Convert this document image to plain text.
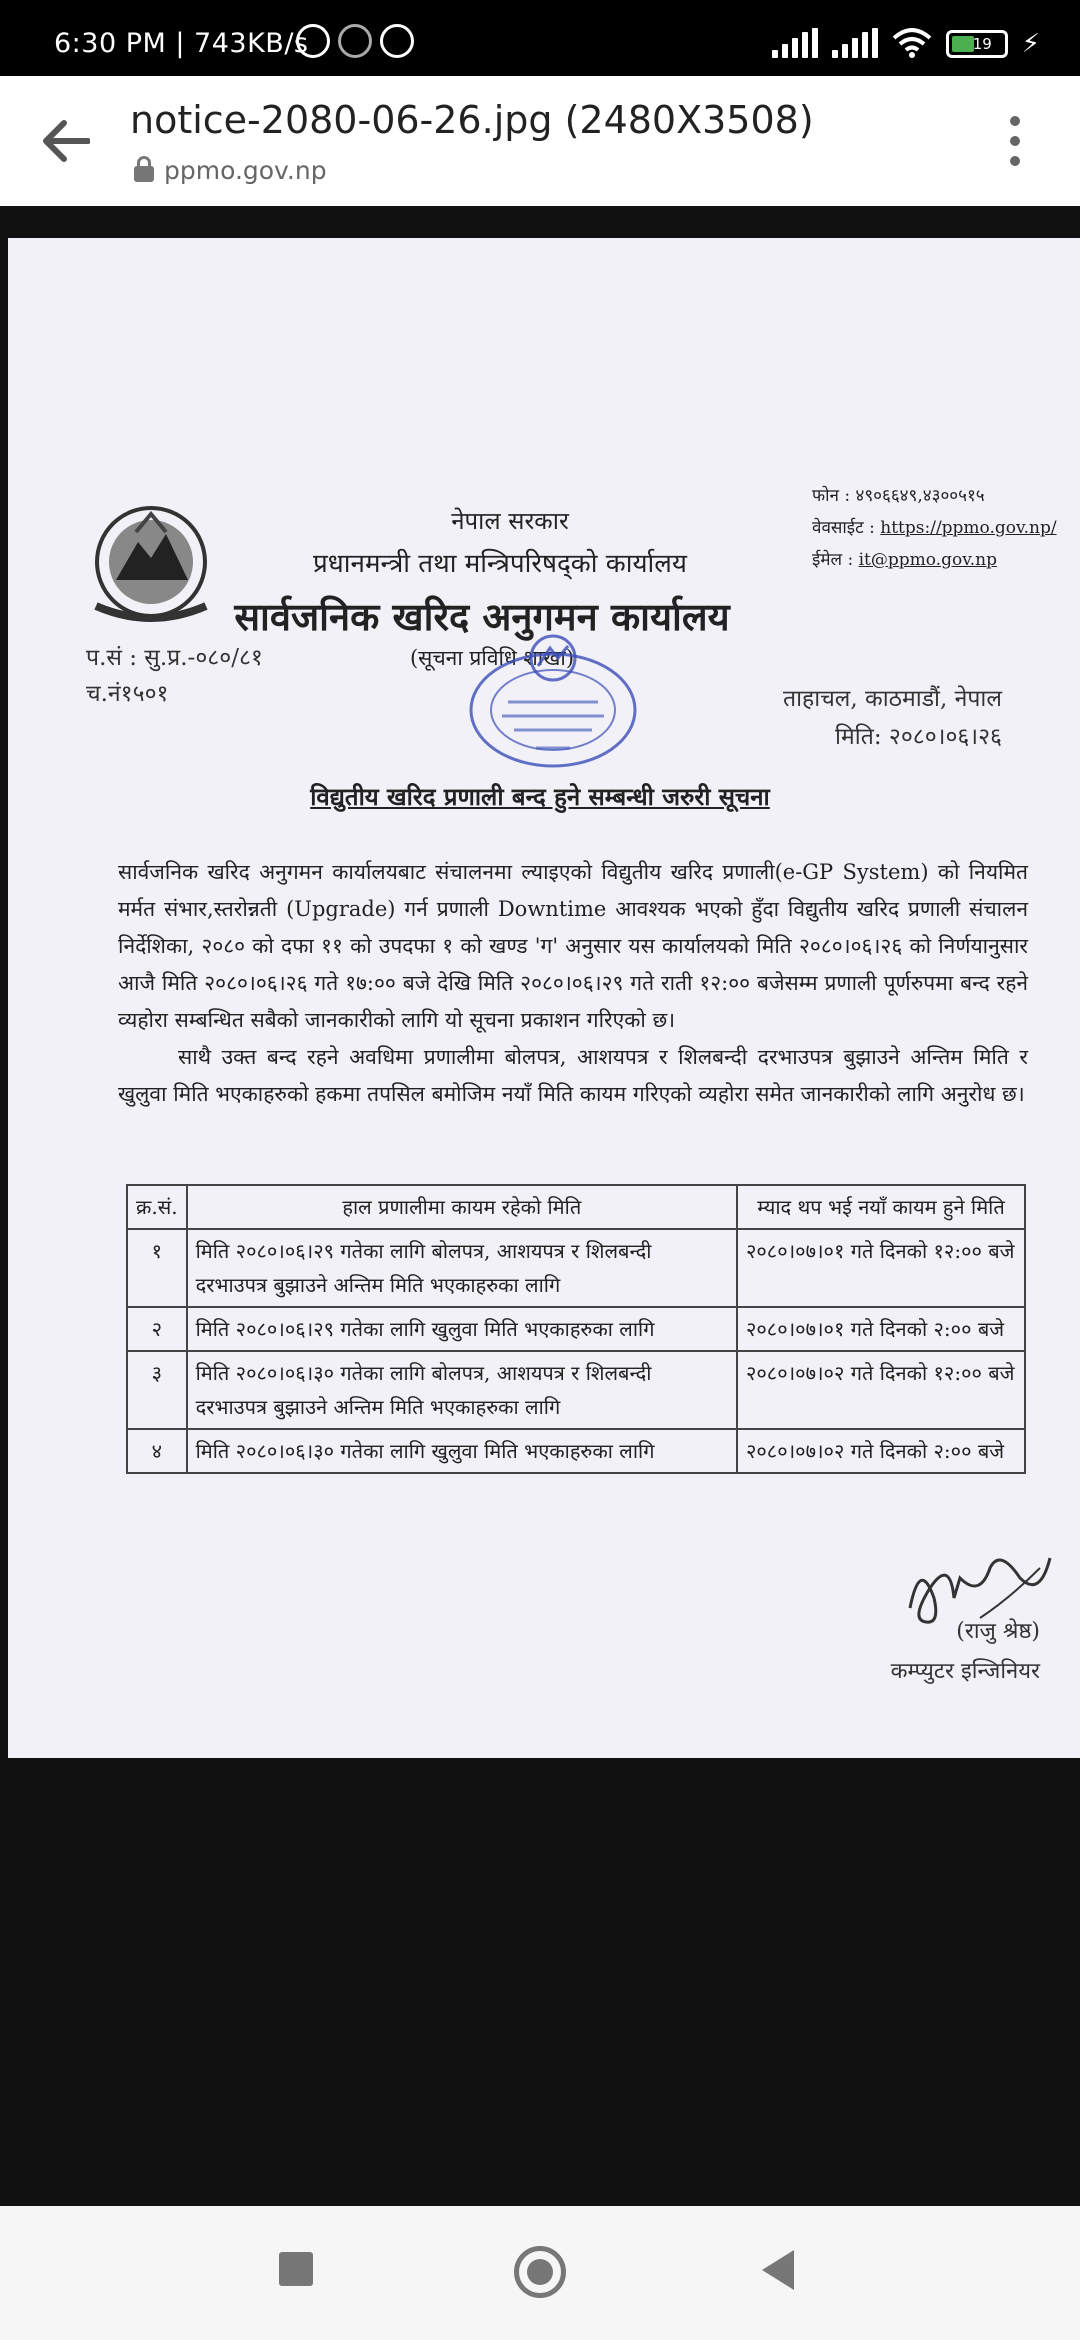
6:30 PM | 743KB/s	19 ⚡
notice-2080-06-26.jpg (2480X3508)
ppmo.gov.np
प.सं : सु.प्र.-०८०/८१
च.नं१५०१
नेपाल सरकार
प्रधानमन्त्री तथा मन्त्रिपरिषद्को कार्यालय
सार्वजनिक खरिद अनुगमन कार्यालय
(सूचना प्रविधि शाखा)
फोन : ४९०६६४९,४३००५१५
वेवसाईट : https://ppmo.gov.np/
ईमेल : it@ppmo.gov.np
ताहाचल, काठमाडौं, नेपाल
मिति: २०८०।०६।२६
विद्युतीय खरिद प्रणाली बन्द हुने सम्बन्धी जरुरी सूचना

सार्वजनिक खरिद अनुगमन कार्यालयबाट संचालनमा ल्याइएको विद्युतीय खरिद प्रणाली(e-GP System) को नियमित मर्मत संभार,स्तरोन्नती (Upgrade) गर्न प्रणाली Downtime आवश्यक भएको हुँदा विद्युतीय खरिद प्रणाली संचालन निर्देशिका, २०८० को दफा ११ को उपदफा १ को खण्ड 'ग' अनुसार यस कार्यालयको मिति २०८०।०६।२६ को निर्णयानुसार आजै मिति २०८०।०६।२६ गते १७:०० बजे देखि मिति २०८०।०६।२९ गते राती १२:०० बजेसम्म प्रणाली पूर्णरुपमा बन्द रहने व्यहोरा सम्बन्धित सबैको जानकारीको लागि यो सूचना प्रकाशन गरिएको छ।

साथै उक्त बन्द रहने अवधिमा प्रणालीमा बोलपत्र, आशयपत्र र शिलबन्दी दरभाउपत्र बुझाउने अन्तिम मिति र खुलुवा मिति भएकाहरुको हकमा तपसिल बमोजिम नयाँ मिति कायम गरिएको व्यहोरा समेत जानकारीको लागि अनुरोध छ।

क्र.सं.	हाल प्रणालीमा कायम रहेको मिति	म्याद थप भई नयाँ कायम हुने मिति
१	मिति २०८०।०६।२९ गतेका लागि बोलपत्र, आशयपत्र र शिलबन्दी दरभाउपत्र बुझाउने अन्तिम मिति भएकाहरुका लागि	२०८०।०७।०१ गते दिनको १२:०० बजे
२	मिति २०८०।०६।२९ गतेका लागि खुलुवा मिति भएकाहरुका लागि	२०८०।०७।०१ गते दिनको २:०० बजे
३	मिति २०८०।०६।३० गतेका लागि बोलपत्र, आशयपत्र र शिलबन्दी दरभाउपत्र बुझाउने अन्तिम मिति भएकाहरुका लागि	२०८०।०७।०२ गते दिनको १२:०० बजे
४	मिति २०८०।०६।३० गतेका लागि खुलुवा मिति भएकाहरुका लागि	२०८०।०७।०२ गते दिनको २:०० बजे
(राजु श्रेष्ठ)
कम्प्युटर इन्जिनियर
